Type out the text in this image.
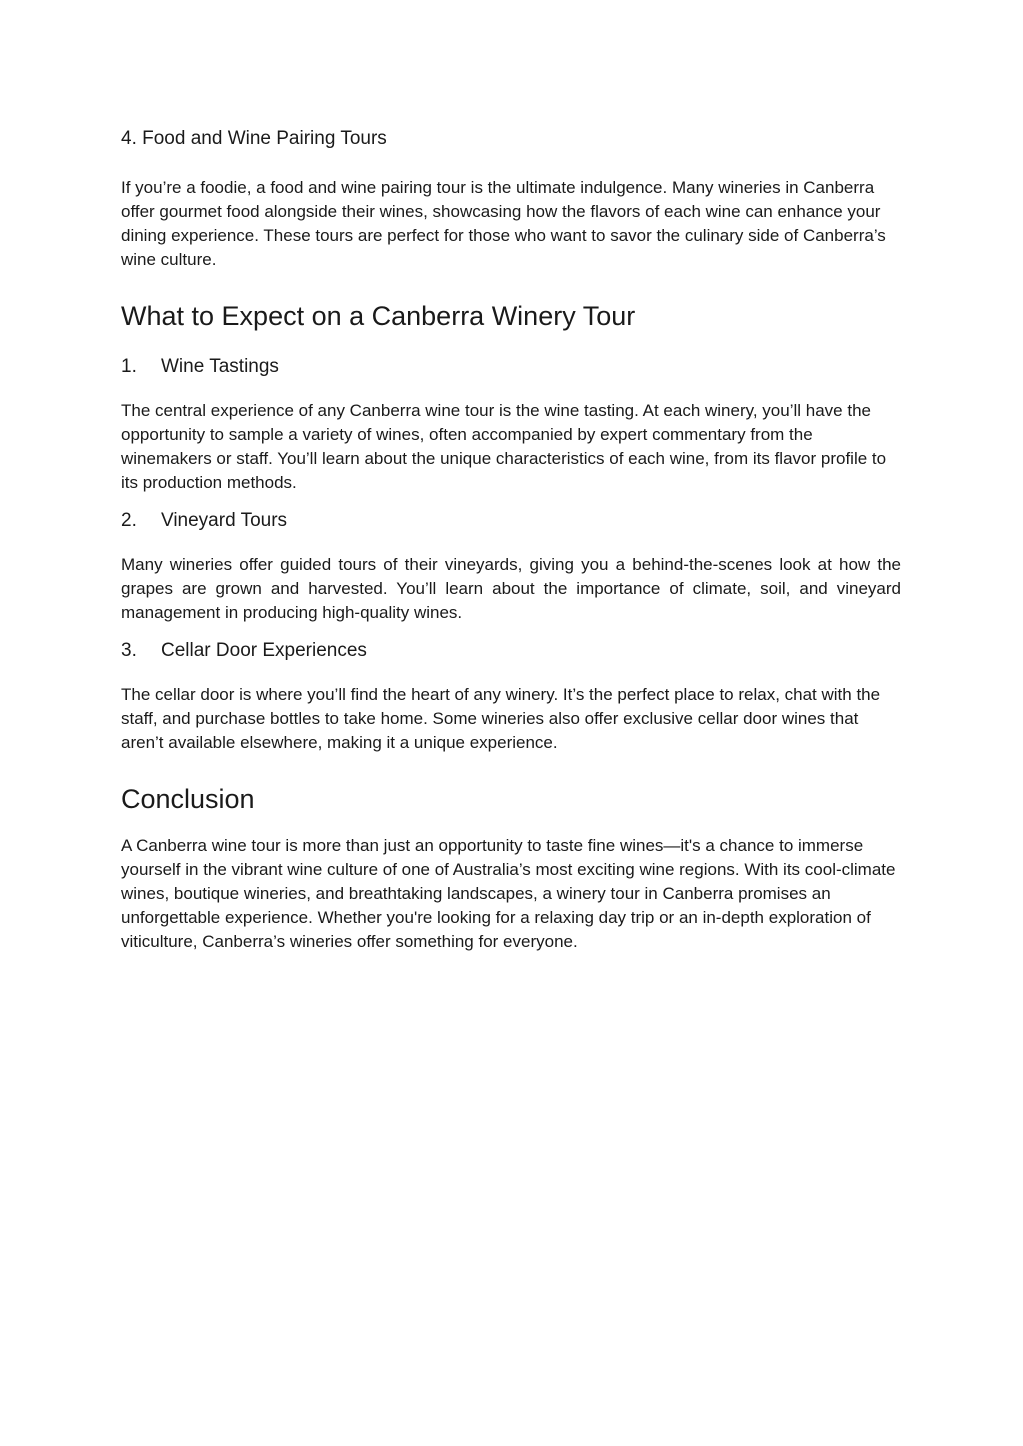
4. Food and Wine Pairing Tours

If you’re a foodie, a food and wine pairing tour is the ultimate indulgence. Many wineries in Canberra offer gourmet food alongside their wines, showcasing how the flavors of each wine can enhance your dining experience. These tours are perfect for those who want to savor the culinary side of Canberra’s wine culture.

What to Expect on a Canberra Winery Tour
1.	Wine Tastings

The central experience of any Canberra wine tour is the wine tasting. At each winery, you’ll have the opportunity to sample a variety of wines, often accompanied by expert commentary from the winemakers or staff. You’ll learn about the unique characteristics of each wine, from its flavor profile to its production methods.

2.	Vineyard Tours

Many wineries offer guided tours of their vineyards, giving you a behind-the-scenes look at how the grapes are grown and harvested. You’ll learn about the importance of climate, soil, and vineyard management in producing high-quality wines.

3.	Cellar Door Experiences

The cellar door is where you’ll find the heart of any winery. It’s the perfect place to relax, chat with the staff, and purchase bottles to take home. Some wineries also offer exclusive cellar door wines that aren’t available elsewhere, making it a unique experience.

Conclusion

A Canberra wine tour is more than just an opportunity to taste fine wines—it's a chance to immerse yourself in the vibrant wine culture of one of Australia’s most exciting wine regions. With its cool-climate wines, boutique wineries, and breathtaking landscapes, a winery tour in Canberra promises an unforgettable experience. Whether you're looking for a relaxing day trip or an in-depth exploration of viticulture, Canberra’s wineries offer something for everyone.
